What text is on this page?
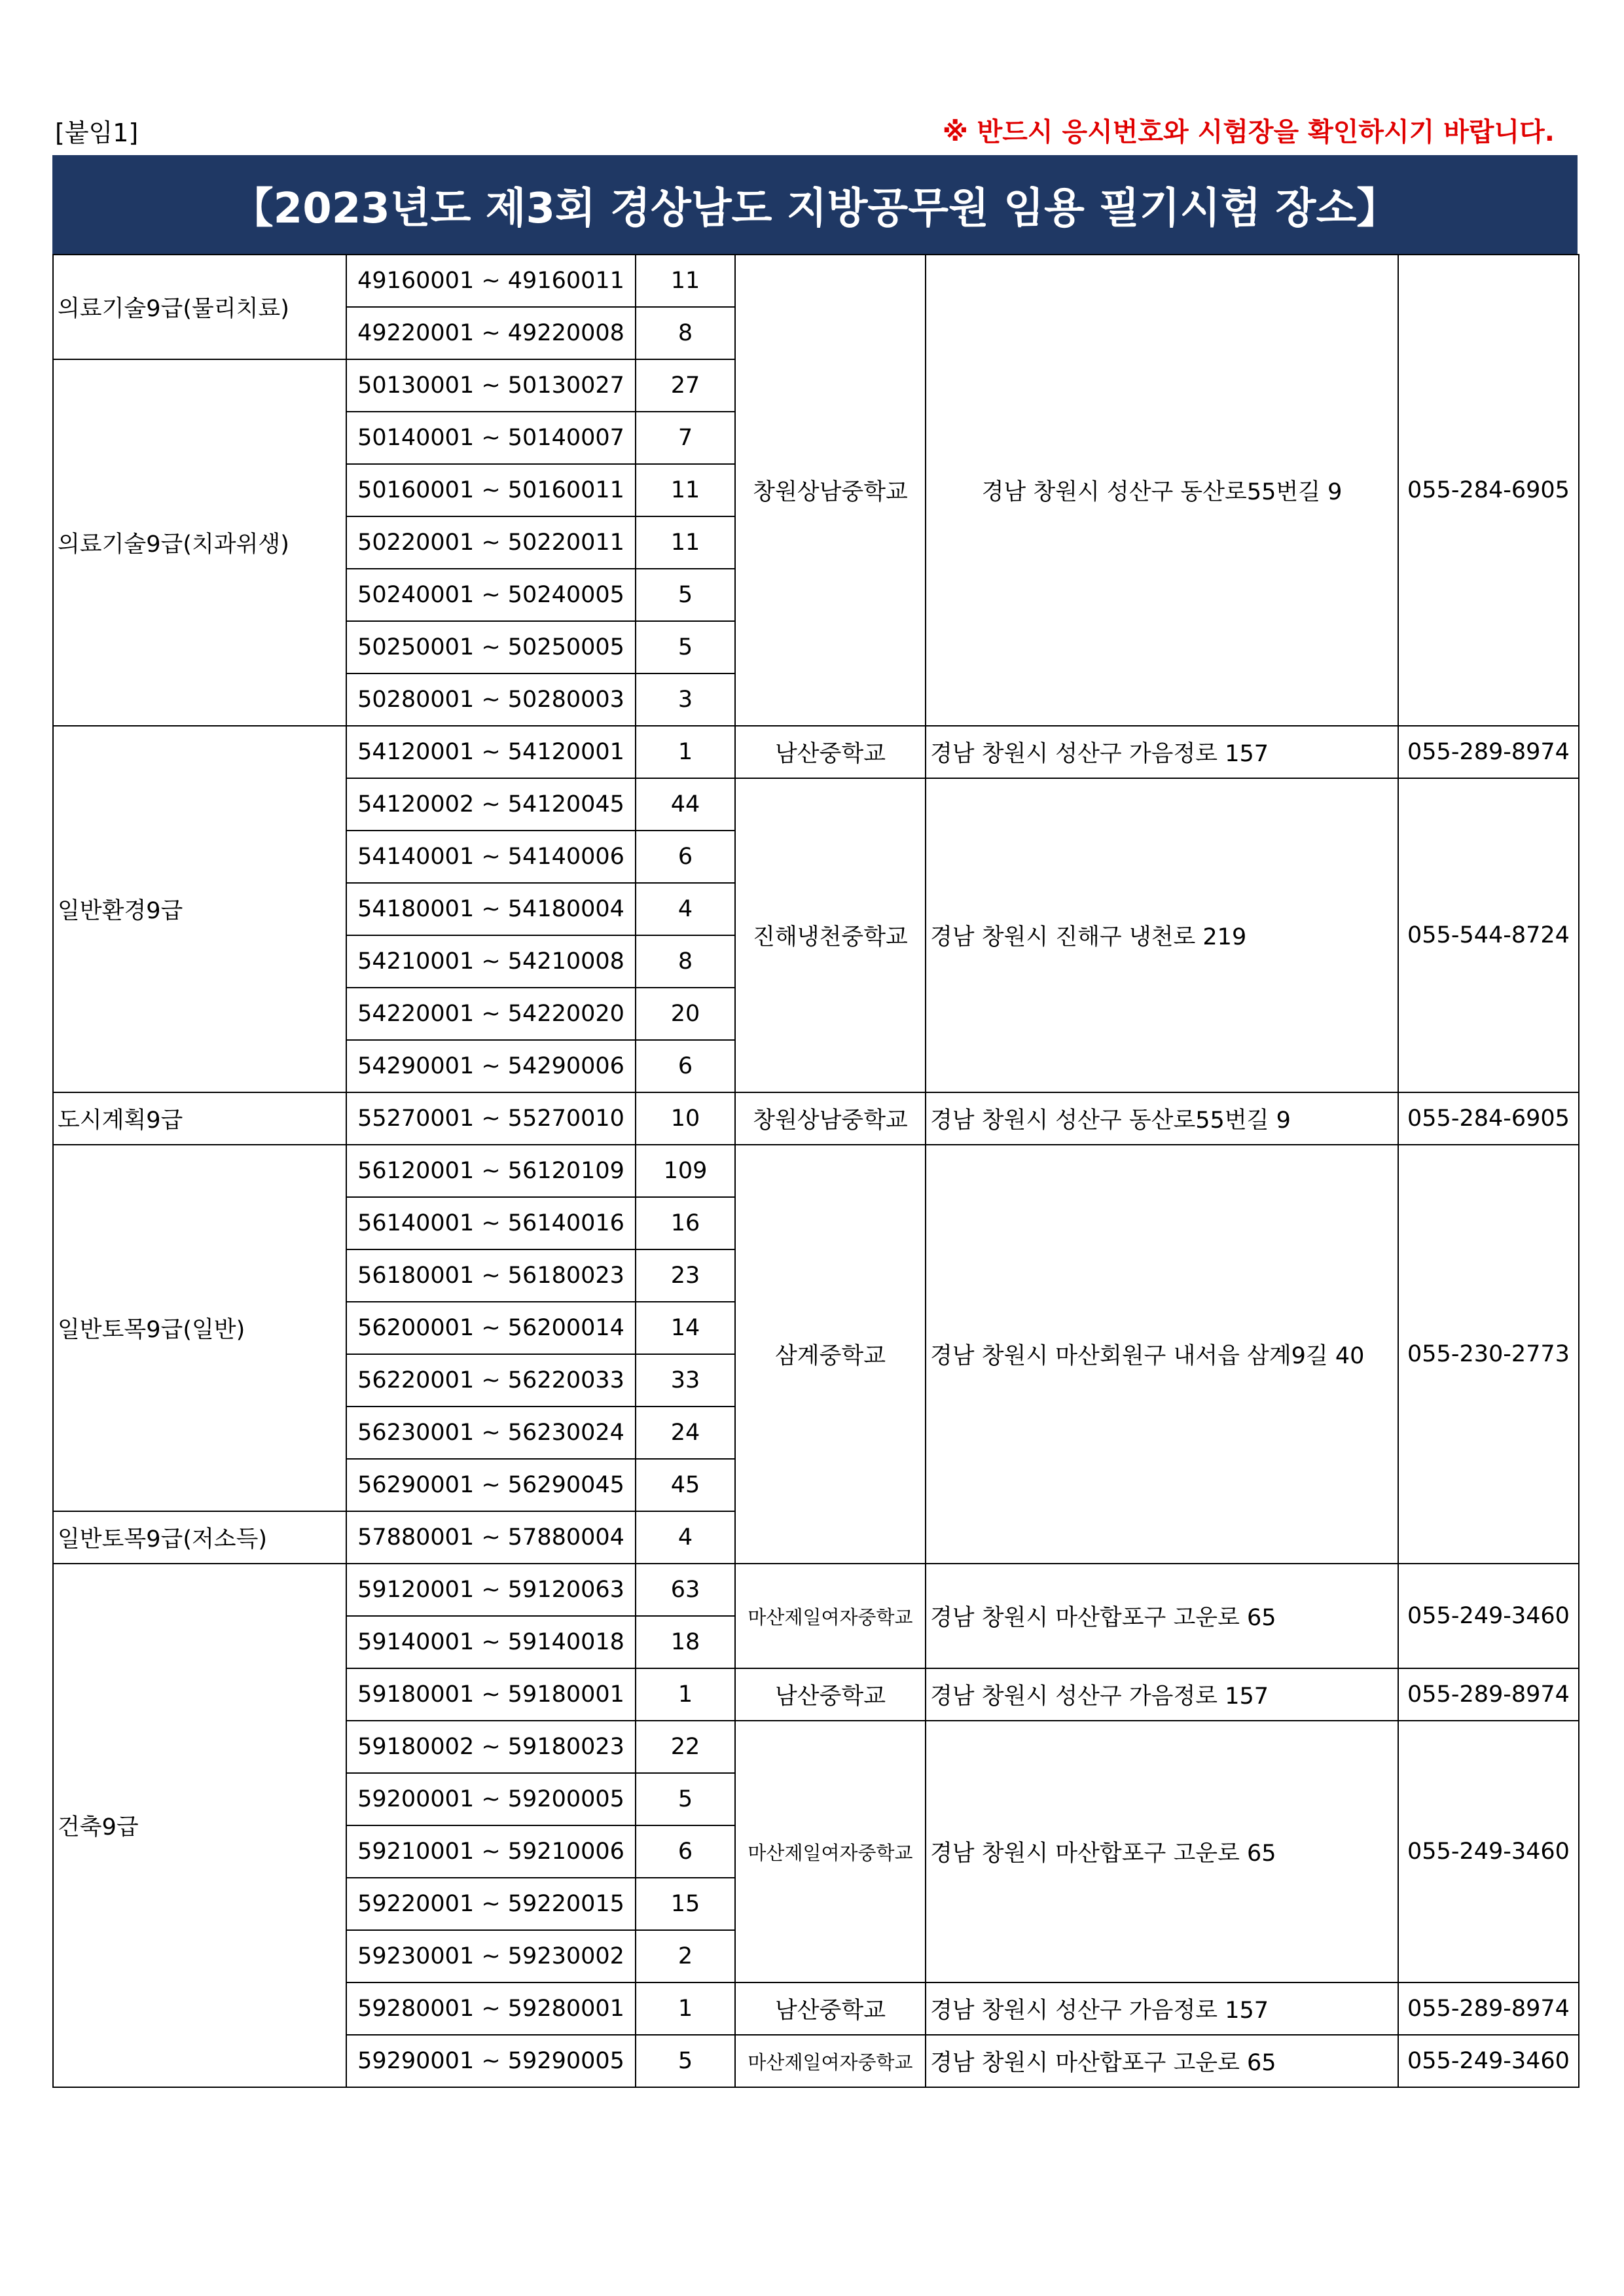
[붙임1]	※ 반드시 응시번호와 시험장을 확인하시기 바랍니다.
【2023년도 제3회 경상남도 지방공무원 임용 필기시험 장소】
의료기술9급(물리치료)	49160001 ~ 49160011	11	창원상남중학교	경남 창원시 성산구 동산로55번길 9	055-284-6905
	49220001 ~ 49220008	8			
의료기술9급(치과위생)	50130001 ~ 50130027	27			
	50140001 ~ 50140007	7			
	50160001 ~ 50160011	11			
	50220001 ~ 50220011	11			
	50240001 ~ 50240005	5			
	50250001 ~ 50250005	5			
	50280001 ~ 50280003	3			
일반환경9급	54120001 ~ 54120001	1	남산중학교	경남 창원시 성산구 가음정로 157	055-289-8974
	54120002 ~ 54120045	44	진해냉천중학교	경남 창원시 진해구 냉천로 219	055-544-8724
	54140001 ~ 54140006	6			
	54180001 ~ 54180004	4			
	54210001 ~ 54210008	8			
	54220001 ~ 54220020	20			
	54290001 ~ 54290006	6			
도시계획9급	55270001 ~ 55270010	10	창원상남중학교	경남 창원시 성산구 동산로55번길 9	055-284-6905
일반토목9급(일반)	56120001 ~ 56120109	109	삼계중학교	경남 창원시 마산회원구 내서읍 삼계9길 40	055-230-2773
	56140001 ~ 56140016	16			
	56180001 ~ 56180023	23			
	56200001 ~ 56200014	14			
	56220001 ~ 56220033	33			
	56230001 ~ 56230024	24			
	56290001 ~ 56290045	45			
일반토목9급(저소득)	57880001 ~ 57880004	4			
건축9급	59120001 ~ 59120063	63	마산제일여자중학교	경남 창원시 마산합포구 고운로 65	055-249-3460
	59140001 ~ 59140018	18			
	59180001 ~ 59180001	1	남산중학교	경남 창원시 성산구 가음정로 157	055-289-8974
	59180002 ~ 59180023	22	마산제일여자중학교	경남 창원시 마산합포구 고운로 65	055-249-3460
	59200001 ~ 59200005	5			
	59210001 ~ 59210006	6			
	59220001 ~ 59220015	15			
	59230001 ~ 59230002	2			
	59280001 ~ 59280001	1	남산중학교	경남 창원시 성산구 가음정로 157	055-289-8974
	59290001 ~ 59290005	5	마산제일여자중학교	경남 창원시 마산합포구 고운로 65	055-249-3460
